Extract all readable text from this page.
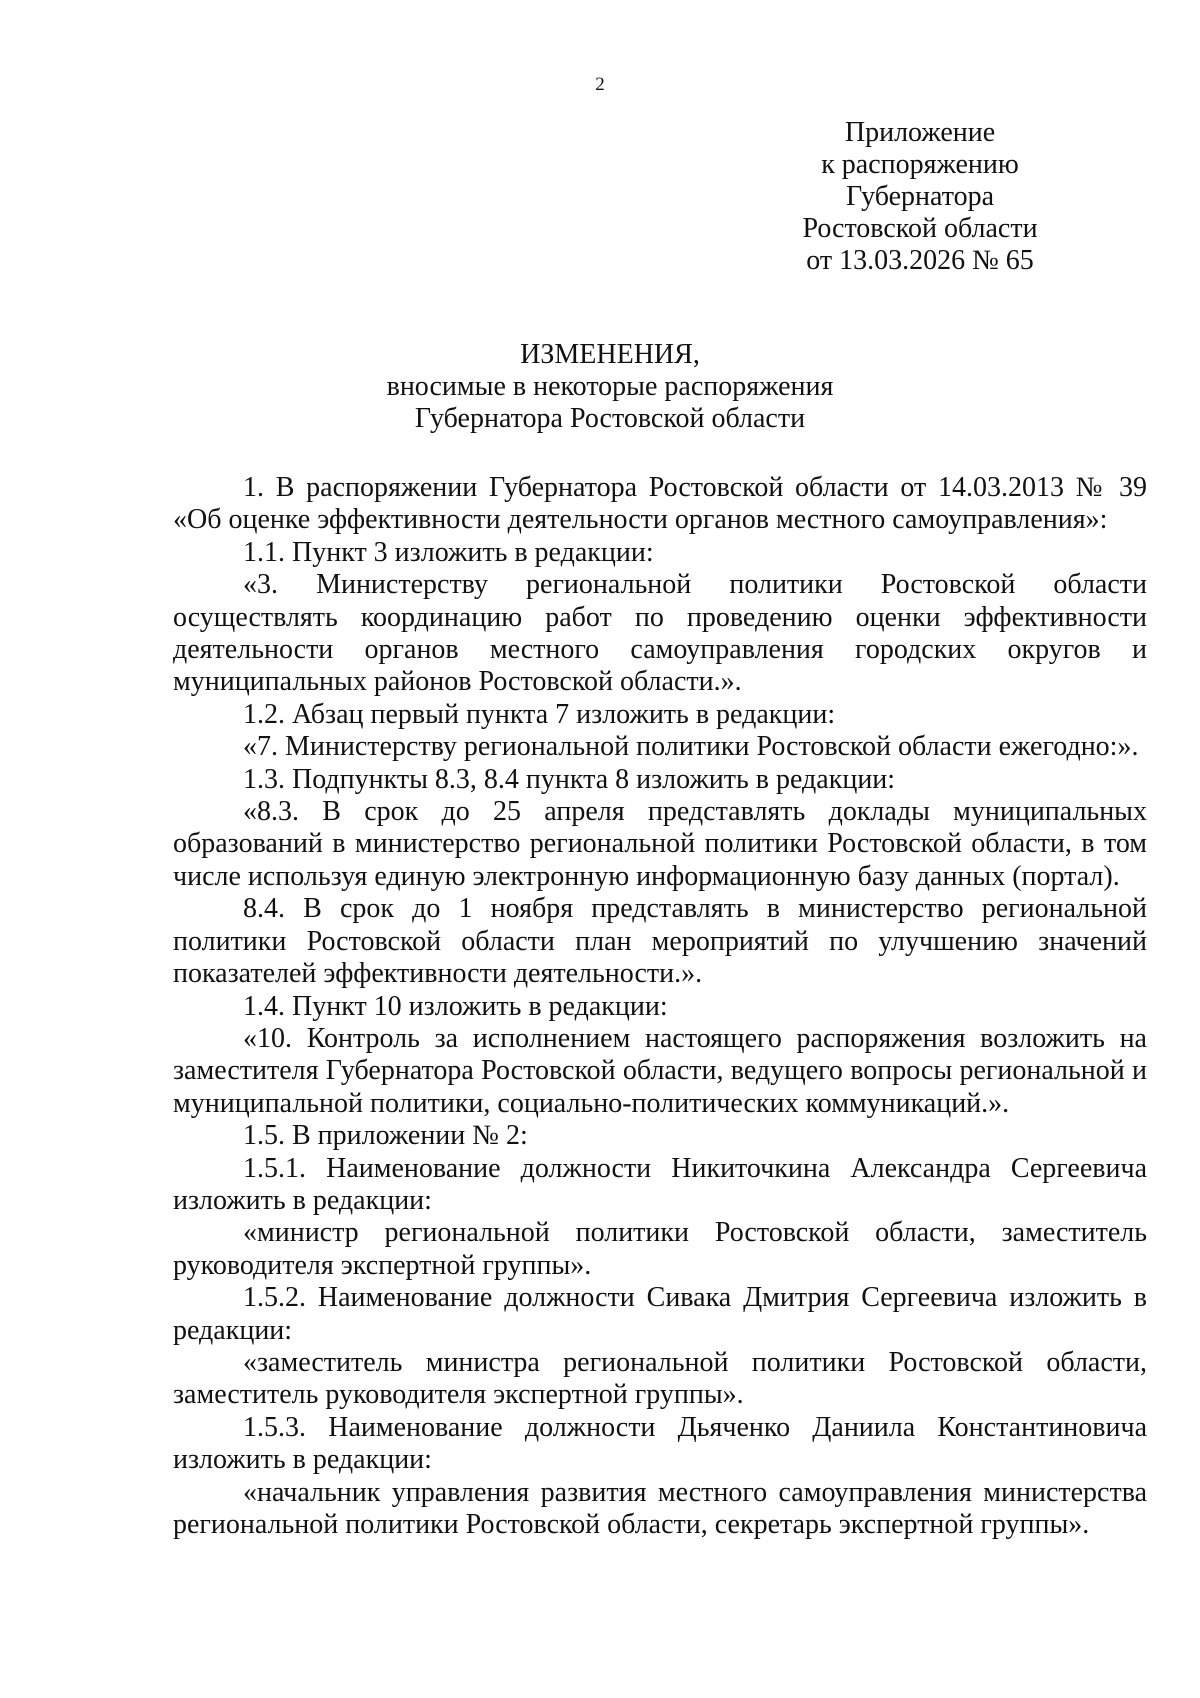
2
Приложение
к распоряжению
Губернатора
Ростовской области
от 13.03.2026 № 65
ИЗМЕНЕНИЯ,
вносимые в некоторые распоряжения
Губернатора Ростовской области

1. В распоряжении Губернатора Ростовской области от 14.03.2013 № 39 «Об оценке эффективности деятельности органов местного самоуправления»:

1.1. Пункт 3 изложить в редакции:

«3. Министерству региональной политики Ростовской области осуществлять координацию работ по проведению оценки эффективности деятельности органов местного самоуправления городских округов и муниципальных районов Ростовской области.».

1.2. Абзац первый пункта 7 изложить в редакции:

«7. Министерству региональной политики Ростовской области ежегодно:».

1.3. Подпункты 8.3, 8.4 пункта 8 изложить в редакции:

«8.3. В срок до 25 апреля представлять доклады муниципальных образований в министерство региональной политики Ростовской области, в том числе используя единую электронную информационную базу данных (портал).

8.4. В срок до 1 ноября представлять в министерство региональной политики Ростовской области план мероприятий по улучшению значений показателей эффективности деятельности.».

1.4. Пункт 10 изложить в редакции:

«10. Контроль за исполнением настоящего распоряжения возложить на заместителя Губернатора Ростовской области, ведущего вопросы региональной и муниципальной политики, социально-политических коммуникаций.».

1.5. В приложении № 2:

1.5.1. Наименование должности Никиточкина Александра Сергеевича изложить в редакции:

«министр региональной политики Ростовской области, заместитель руководителя экспертной группы».

1.5.2. Наименование должности Сивака Дмитрия Сергеевича изложить в редакции:

«заместитель министра региональной политики Ростовской области, заместитель руководителя экспертной группы».

1.5.3. Наименование должности Дьяченко Даниила Константиновича изложить в редакции:

«начальник управления развития местного самоуправления министерства региональной политики Ростовской области, секретарь экспертной группы».
